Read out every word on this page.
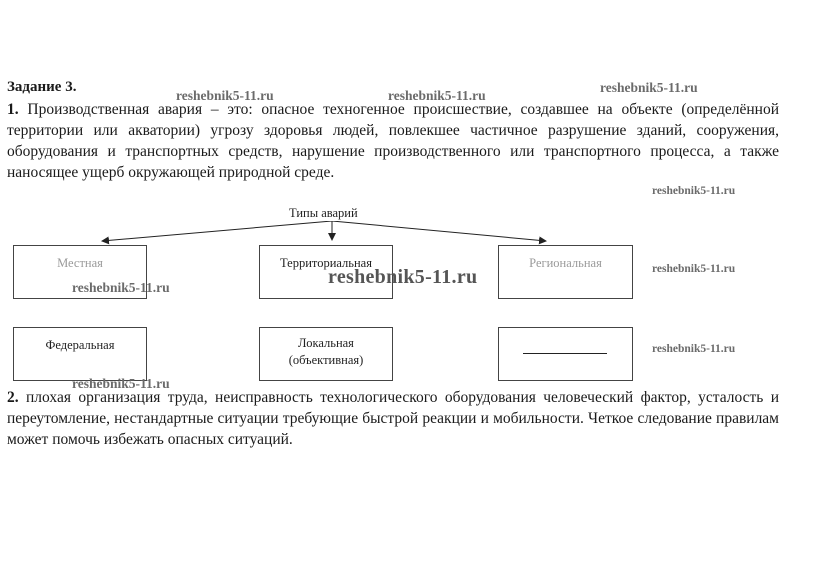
Задание 3.
1. Производственная авария – это: опасное техногенное происшествие, создавшее на объекте (определённой территории или акватории) угрозу здоровья людей, повлекшее частичное разрушение зданий, сооружения, оборудования и транспортных средств, нарушение производственного или транспортного процесса, а также наносящее ущерб окружающей природной среде.
Типы аварий
Местная	Территориальная	Региональная
Федеральная	Локальная
(объективная)
2. плохая организация труда, неисправность технологического оборудования человеческий фактор, усталость и переутомление, нестандартные ситуации требующие быстрой реакции и мобильности. Четкое следование правилам может помочь избежать опасных ситуаций.
reshebnik5-11.ru	reshebnik5-11.ru
reshebnik5-11.ru
reshebnik5-11.ru
reshebnik5-11.ru
reshebnik5-11.ru
reshebnik5-11.ru
reshebnik5-11.ru
reshebnik5-11.ru
